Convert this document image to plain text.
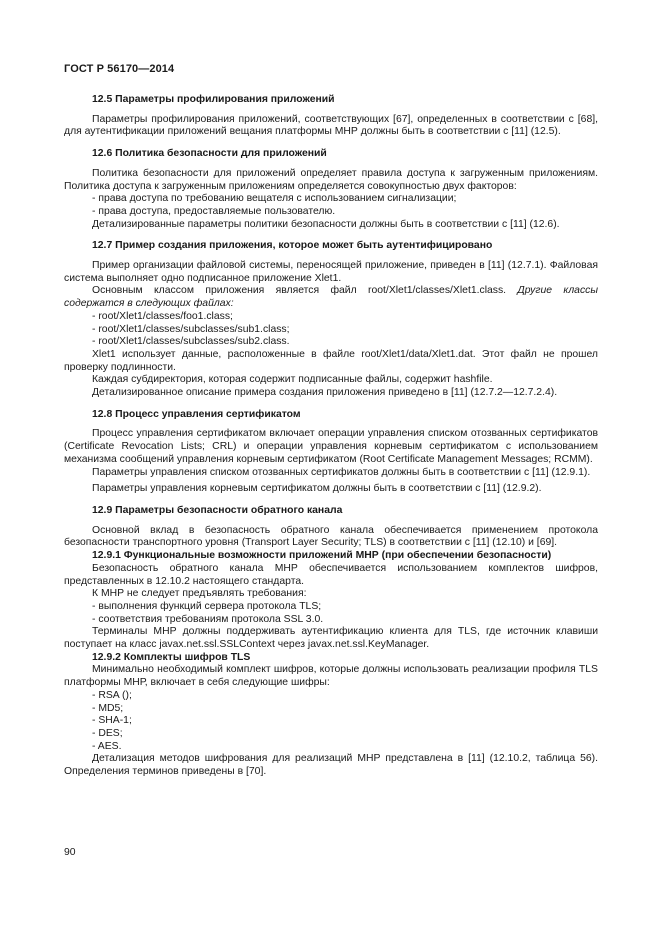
ГОСТ Р 56170—2014
12.5 Параметры профилирования приложений
Параметры профилирования приложений, соответствующих [67], определенных в соответствии с [68], для аутентификации приложений вещания платформы МНР должны быть в соответствии с [11] (12.5).
12.6 Политика безопасности для приложений
Политика безопасности для приложений определяет правила доступа к загруженным приложениям. Политика доступа к загруженным приложениям определяется совокупностью двух факторов:
- права доступа по требованию вещателя с использованием сигнализации;
- права доступа, предоставляемые пользователю.
Детализированные параметры политики безопасности должны быть в соответствии с [11] (12.6).
12.7 Пример создания приложения, которое может быть аутентифицировано
Пример организации файловой системы, переносящей приложение, приведен в [11] (12.7.1). Файловая система выполняет одно подписанное приложение Xlet1.
Основным классом приложения является файл root/Xlet1/classes/Xlet1.class. Другие классы содержатся в следующих файлах:
- root/Xlet1/classes/foo1.class;
- root/Xlet1/classes/subclasses/sub1.class;
- root/Xlet1/classes/subclasses/sub2.class.
Xlet1 использует данные, расположенные в файле root/Xlet1/data/Xlet1.dat. Этот файл не прошел проверку подлинности.
Каждая субдиректория, которая содержит подписанные файлы, содержит hashfile.
Детализированное описание примера создания приложения приведено в [11] (12.7.2—12.7.2.4).
12.8 Процесс управления сертификатом
Процесс управления сертификатом включает операции управления списком отозванных сертификатов (Certificate Revocation Lists; CRL) и операции управления корневым сертификатом с использованием механизма сообщений управления корневым сертификатом (Root Certificate Management Messages; RCMM).
Параметры управления списком отозванных сертификатов должны быть в соответствии с [11] (12.9.1).
Параметры управления корневым сертификатом должны быть в соответствии с [11] (12.9.2).
12.9 Параметры безопасности обратного канала
Основной вклад в безопасность обратного канала обеспечивается применением протокола безопасности транспортного уровня (Transport Layer Security; TLS) в соответствии с [11] (12.10) и [69].
12.9.1 Функциональные возможности приложений МНР (при обеспечении безопасности)
Безопасность обратного канала МНР обеспечивается использованием комплектов шифров, представленных в 12.10.2 настоящего стандарта.
К МНР не следует предъявлять требования:
- выполнения функций сервера протокола TLS;
- соответствия требованиям протокола SSL 3.0.
Терминалы МНР должны поддерживать аутентификацию клиента для TLS, где источник клавиши поступает на класс javax.net.ssl.SSLContext через javax.net.ssl.KeyManager.
12.9.2 Комплекты шифров TLS
Минимально необходимый комплект шифров, которые должны использовать реализации профиля TLS платформы МНР, включает в себя следующие шифры:
- RSA ();
- MD5;
- SHA-1;
- DES;
- AES.
Детализация методов шифрования для реализаций МНР представлена в [11] (12.10.2, таблица 56). Определения терминов приведены в [70].
90
